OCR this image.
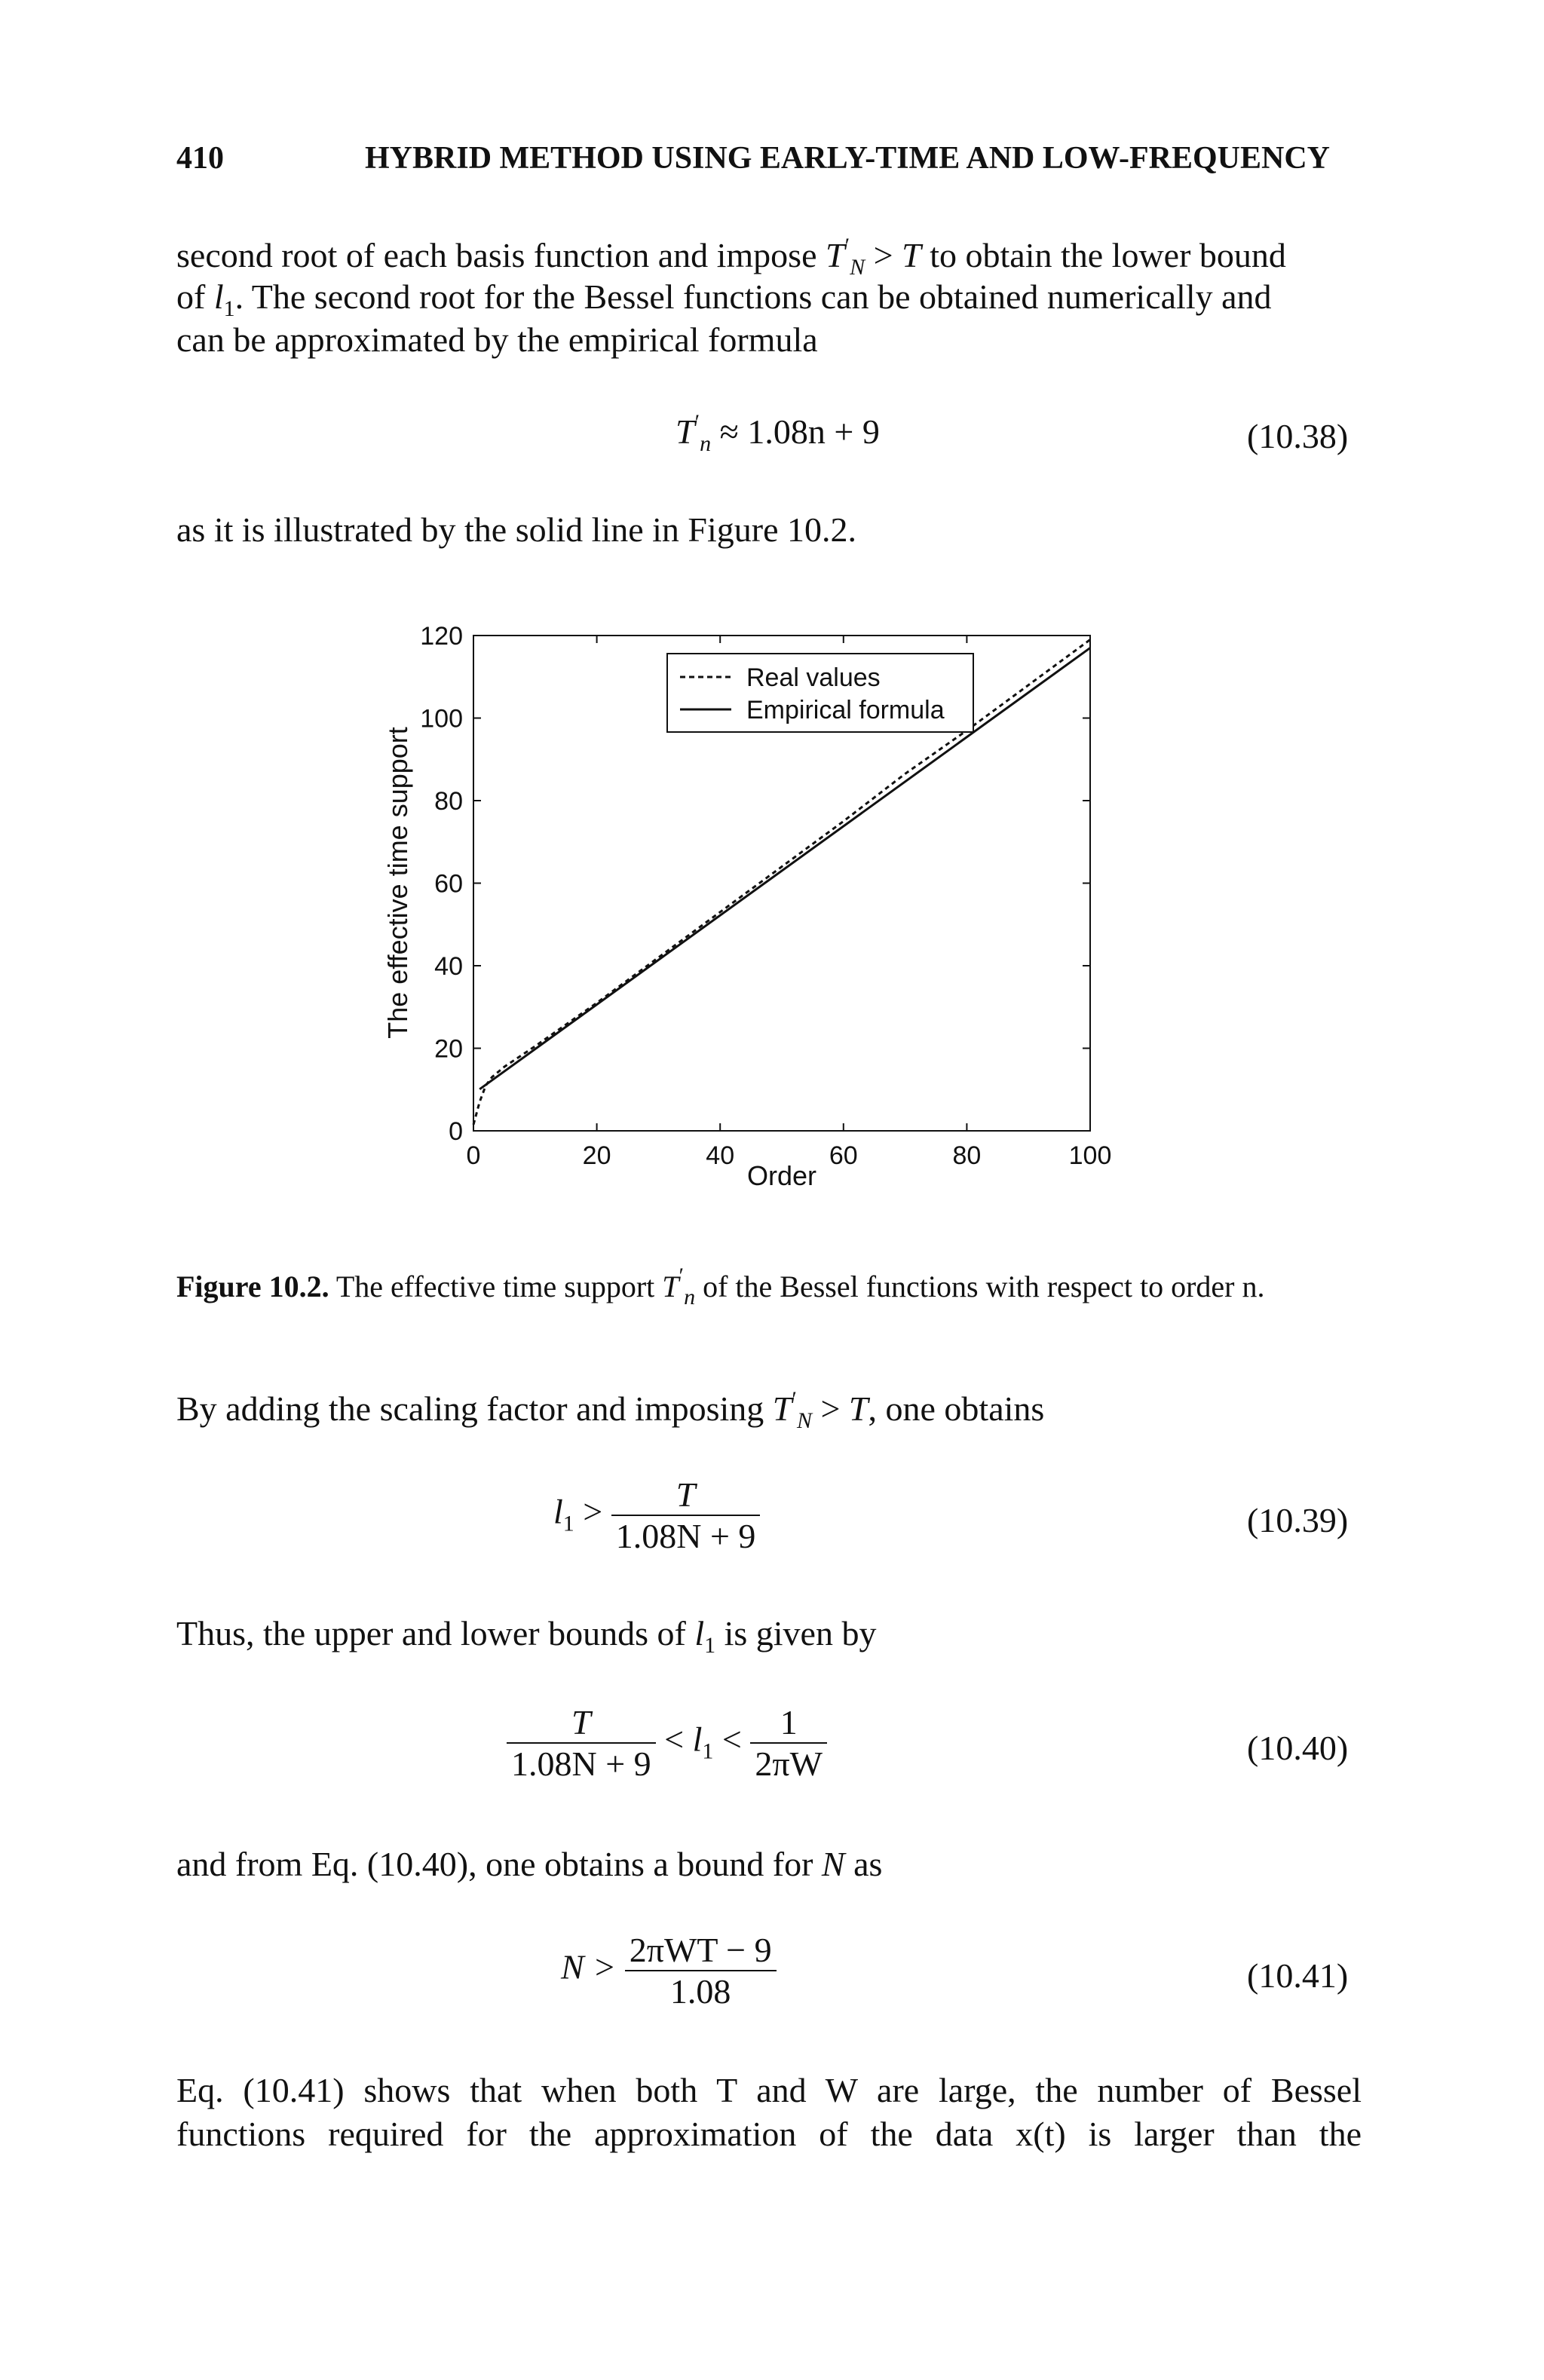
410	HYBRID METHOD USING EARLY-TIME AND LOW-FREQUENCY
second root of each basis function and impose $T'_N > T$ to obtain the lower bound
of $l_1$. The second root for the Bessel functions can be obtained numerically and
can be approximated by the empirical formula
$T'_n \approx 1.08n + 9$	(10.38)
as it is illustrated by the solid line in Figure 10.2.
0	20	40	60	80	100
0
20
40
60
80
100
120
Real values
Empirical formula
Order
The effective time support
Figure 10.2. The effective time support $T'_n$ of the Bessel functions with respect to order n.
By adding the scaling factor and imposing $T'_N > T$, one obtains
$l_1 > \frac{T}{1.08N + 9}$	(10.39)
Thus, the upper and lower bounds of $l_1$ is given by
$\frac{T}{1.08N + 9} < l_1 < \frac{1}{2\pi W}$	(10.40)
and from Eq. (10.40), one obtains a bound for N as
$N > \frac{\text{2πWT − 9}}{1.08}$	(10.41)
Eq. (10.41) shows that when both T and W are large, the number of Bessel
functions required for the approximation of the data x(t) is larger than the
